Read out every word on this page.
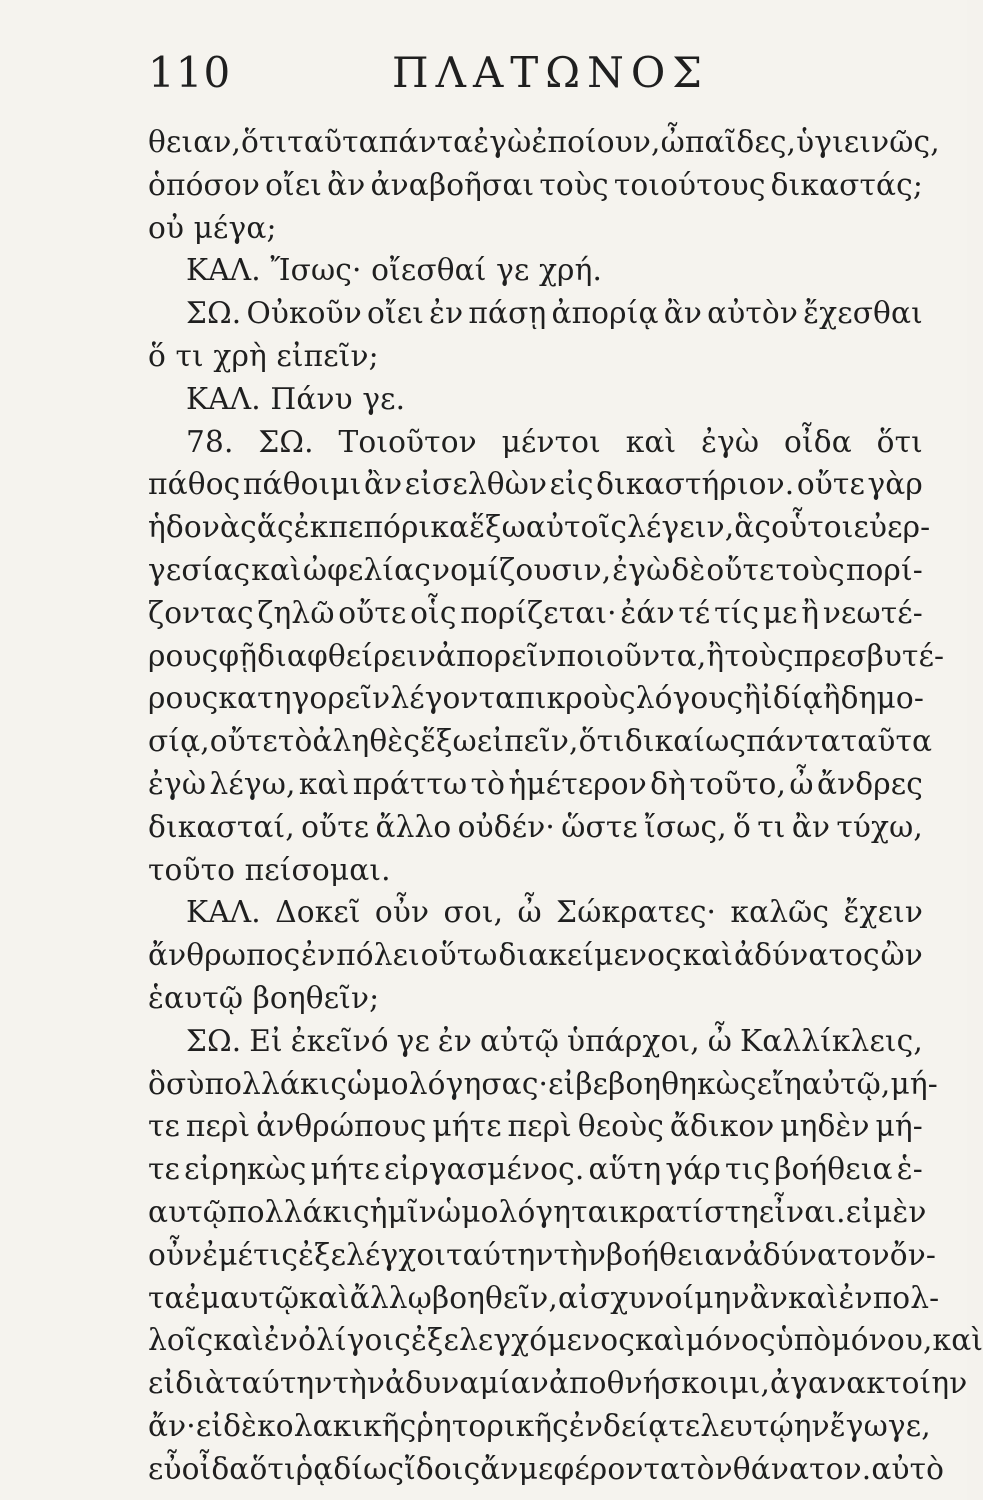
110	ΠΛΑΤΩΝΟΣ
θειαν, ὅτι ταῦτα πάντα ἐγὼ ἐποίουν, ὦ παῖδες, ὑγιεινῶς,
ὁπόσον οἴει ἂν ἀναβοῆσαι τοὺς τοιούτους δικαστάς;
οὐ μέγα;
ΚΑΛ. Ἴσως· οἴεσθαί γε χρή.
ΣΩ. Οὐκοῦν οἴει ἐν πάσῃ ἀπορίᾳ ἂν αὐτὸν ἔχεσθαι
ὅ τι χρὴ εἰπεῖν;
ΚΑΛ. Πάνυ γε.
78. ΣΩ. Τοιοῦτον μέντοι καὶ ἐγὼ οἶδα ὅτι
πάθος πάθοιμι ἂν εἰσελθὼν εἰς δικαστήριον. οὔτε γὰρ
ἡδονὰς ἅς ἐκπεπόρικα ἕξω αὐτοῖς λέγειν, ἃς οὗτοι εὐερ-
γεσίας καὶ ὠφελίας νομίζουσιν, ἐγὼ δὲ οὔτε τοὺς πορί-
ζοντας ζηλῶ οὔτε οἷς πορίζεται· ἐάν τέ τίς με ἢ νεωτέ-
ρους φῇ διαφθείρειν ἀπορεῖν ποιοῦντα, ἢ τοὺς πρεσβυτέ-
ρους κατηγορεῖν λέγοντα πικροὺς λόγους ἢ ἰδίᾳ ἢ δημο-
σίᾳ, οὔτε τὸ ἀληθὲς ἕξω εἰπεῖν, ὅτι δικαίως πάντα ταῦτα
ἐγὼ λέγω, καὶ πράττω τὸ ἡμέτερον δὴ τοῦτο, ὦ ἄνδρες
δικασταί, οὔτε ἄλλο οὐδέν· ὥστε ἴσως, ὅ τι ἂν τύχω,
τοῦτο πείσομαι.
ΚΑΛ. Δοκεῖ οὖν σοι, ὦ Σώκρατες· καλῶς ἔχειν
ἄνθρωπος ἐν πόλει οὕτω διακείμενος καὶ ἀδύνατος ὢν
ἑαυτῷ βοηθεῖν;
ΣΩ. Εἰ ἐκεῖνό γε ἐν αὐτῷ ὑπάρχοι, ὦ Καλλίκλεις,
ὃ σὺ πολλάκις ὡμολόγησας·εἰ βεβοηθηκὼς εἴη αὐτῷ, μή-
τε περὶ ἀνθρώπους μήτε περὶ θεοὺς ἄδικον μηδὲν μή-
τε εἰρηκὼς μήτε εἰργασμένος. αὕτη γάρ τις βοήθεια ἑ-
αυτῷ πολλάκις ἡμῖν ὡμολόγηται κρατίστη εἶναι. εἰ μὲν
οὖν ἐμέ τις ἐξελέγχοι ταύτην τὴν βοήθειαν ἀδύνατον ὄν-
τα ἐμαυτῷ καὶ ἄλλῳ βοηθεῖν, αἰσχυνοίμην ἂν καὶ ἐν πολ-
λοῖς καὶ ἐν ὀλίγοις ἐξελεγχόμενος καὶ μόνος ὑπὸ μόνου,καὶ
εἰ διὰ ταύτην τὴν ἀδυναμίαν ἀποθνήσκοιμι, ἀγανακτοίην
ἄν· εἰ δὲ κολακικῆς ῥητορικῆς ἐνδείᾳ τελευτῴην ἔγωγε,
εὖ οἶδα ὅτι ῥᾳδίως ἴδοις ἄν με φέροντα τὸν θάνατον.αὐτὸ
